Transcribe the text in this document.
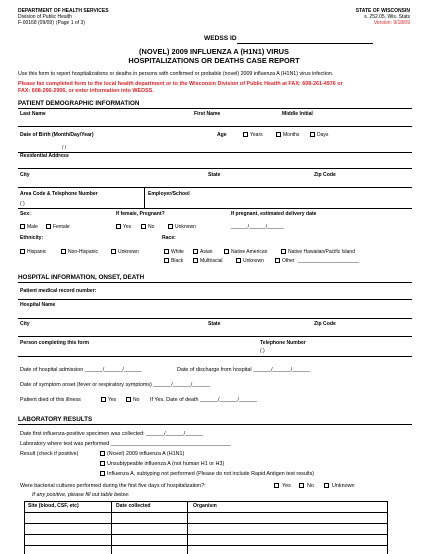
DEPARTMENT OF HEALTH SERVICES
Division of Public Health
F-00168 (09/09) (Page 1 of 3)
STATE OF WISCONSIN
s. 252.05, Wis. Stats
Version: 9/18/09
WEDSS ID
(NOVEL) 2009 INFLUENZA A (H1N1) VIRUS
HOSPITALIZATIONS OR DEATHS CASE REPORT
Use this form to report hospitalizations or deaths in persons with confirmed or probable (novel) 2009 influenza A (H1N1) virus infection.
Please fax completed form to the local health department or to the Wisconsin Division of Public Health at FAX: 608-261-4976 or
FAX: 608-266-2906, or enter information into WEDSS.
PATIENT DEMOGRAPHIC INFORMATION
Last Name	First Name	Middle Initial
Date of Birth (Month/Day/Year)
/ /
Age	Years	Months	Days
Residential Address
City	State	Zip Code
Area Code & Telephone Number
( )
Employer/School
Sex:
Male	Female
If female, Pregnant?
Yes	No	Unknown
If pregnant, estimated delivery date
______/______/______
Ethnicity:
Hispanic	Non-Hispanic	Unknown
Race:
White	Asian	Native American	Native Hawaiian/Pacific Island
Black	Multiracial	Unknown	Other ______________________
HOSPITAL INFORMATION, ONSET, DEATH
Patient medical record number:
Hospital Name
City	State	Zip Code
Person completing this form	Telephone Number
( )
Date of hospital admission ______/______/______	Date of discharge from hospital ______/______/______
Date of symptom onset (fever or respiratory symptoms) ______/______/______
Patient died of this illness	Yes	No If Yes, Date of death ______/______/______
LABORATORY RESULTS
Date first influenza-positive specimen was collected: ______/______/______
Laboratory where test was performed ________________________________________
Result (check if positive)	(Novel) 2009 influenza A (H1N1)
Unsubtypeable influenza A (not human H1 or H3)
Influenza A, subtyping not performed (Please do not include Rapid Antigen test results)
Were bacterial cultures performed during the first five days of hospitalization?:	Yes	No	Unknown
If any positive, please fill out table below.
Site (blood, CSF, etc)	Date collected	Organism
